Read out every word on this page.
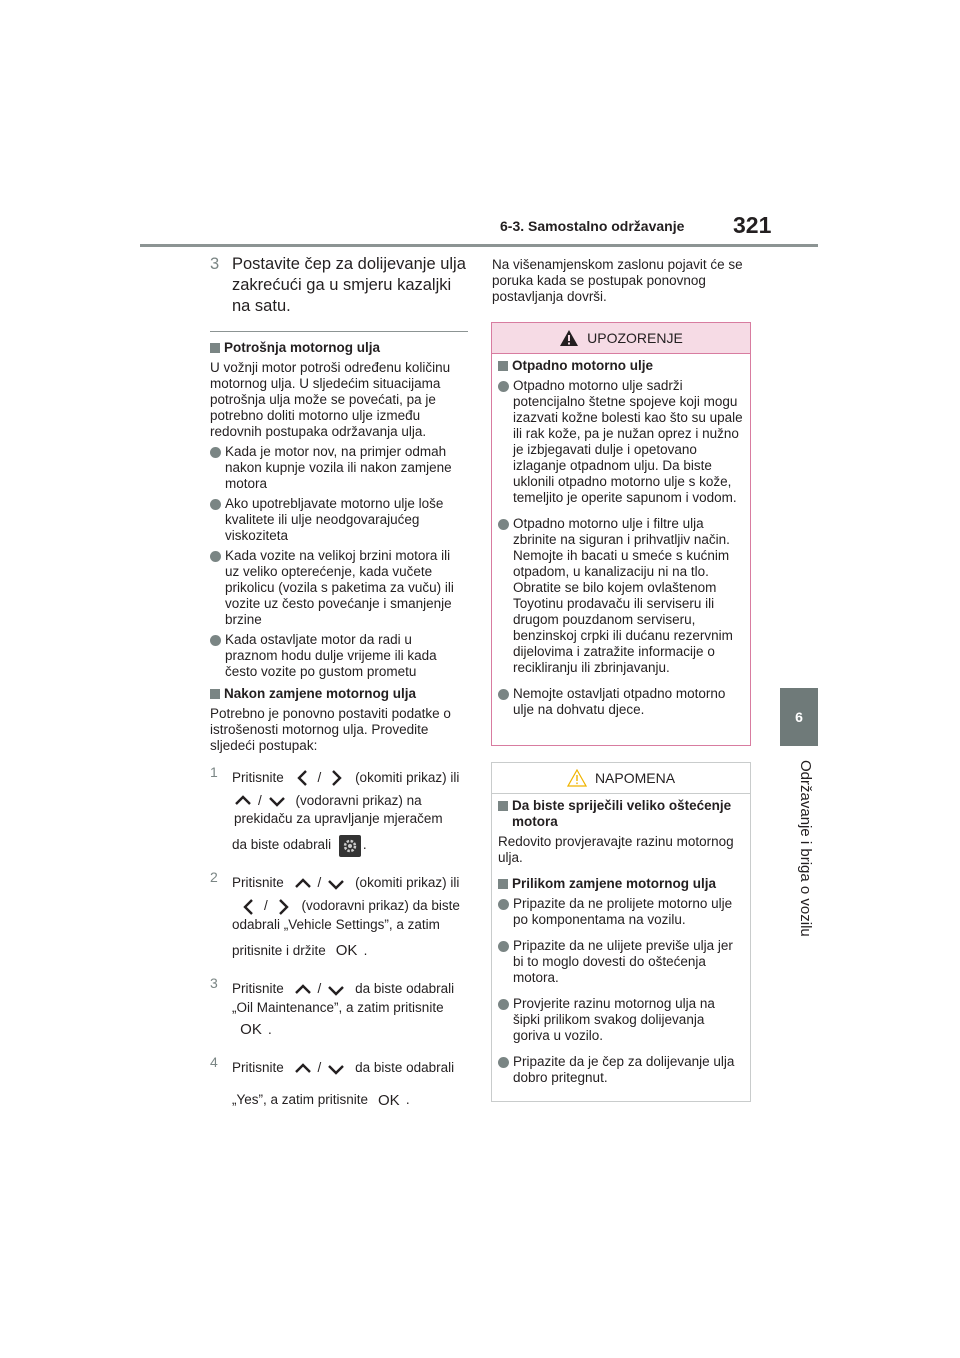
6-3. Samostalno održavanje 321
6
Održavanje i briga o vozilu
3 Postavite čep za dolijevanje ulja zakrećući ga u smjeru kazaljki na satu.
Potrošnja motornog ulja
U vožnji motor potroši određenu količinu motornog ulja. U sljedećim situacijama potrošnja ulja može se povećati, pa je potrebno doliti motorno ulje između redovnih postupaka održavanja ulja.
Kada je motor nov, na primjer odmah nakon kupnje vozila ili nakon zamjene motora
Ako upotrebljavate motorno ulje loše kvalitete ili ulje neodgovarajućeg viskoziteta
Kada vozite na velikoj brzini motora ili uz veliko opterećenje, kada vučete prikolicu (vozila s paketima za vuču) ili vozite uz često povećanje i smanjenje brzine
Kada ostavljate motor da radi u praznom hodu dulje vrijeme ili kada često vozite po gustom prometu
Nakon zamjene motornog ulja
Potrebno je ponovno postaviti podatke o istrošenosti motornog ulja. Provedite sljedeći postupak:
1	Pritisnite	/	(okomiti prikaz) ili
/	(vodoravni prikaz) na prekidaču za upravljanje mjeračem
da biste odabrali .
2	Pritisnite	/	(okomiti prikaz) ili
/	(vodoravni prikaz) da biste odabrali „Vehicle Settings”, a zatim
pritisnite i držite OK .
3	Pritisnite	/	da biste odabrali „Oil Maintenance”, a zatim pritisnite
OK .
4	Pritisnite	/	da biste odabrali
„Yes”, a zatim pritisnite OK .
Na višenamjenskom zaslonu pojavit će se poruka kada se postupak ponovnog postavljanja dovrši.
UPOZORENJE
Otpadno motorno ulje
Otpadno motorno ulje sadrži potencijalno štetne spojeve koji mogu izazvati kožne bolesti kao što su upale ili rak kože, pa je nužan oprez i nužno je izbjegavati dulje i opetovano izlaganje otpadnom ulju. Da biste uklonili otpadno motorno ulje s kože, temeljito je operite sapunom i vodom.
Otpadno motorno ulje i filtre ulja zbrinite na siguran i prihvatljiv način. Nemojte ih bacati u smeće s kućnim otpadom, u kanalizaciju ni na tlo. Obratite se bilo kojem ovlaštenom Toyotinu prodavaču ili serviseru ili drugom pouzdanom serviseru, benzinskoj crpki ili dućanu rezervnim dijelovima i zatražite informacije o recikliranju ili zbrinjavanju.
Nemojte ostavljati otpadno motorno ulje na dohvatu djece.
NAPOMENA
Da biste spriječili veliko oštećenje motora
Redovito provjeravajte razinu motornog ulja.
Prilikom zamjene motornog ulja
Pripazite da ne prolijete motorno ulje po komponentama na vozilu.
Pripazite da ne ulijete previše ulja jer bi to moglo dovesti do oštećenja motora.
Provjerite razinu motornog ulja na šipki prilikom svakog dolijevanja goriva u vozilo.
Pripazite da je čep za dolijevanje ulja dobro pritegnut.
